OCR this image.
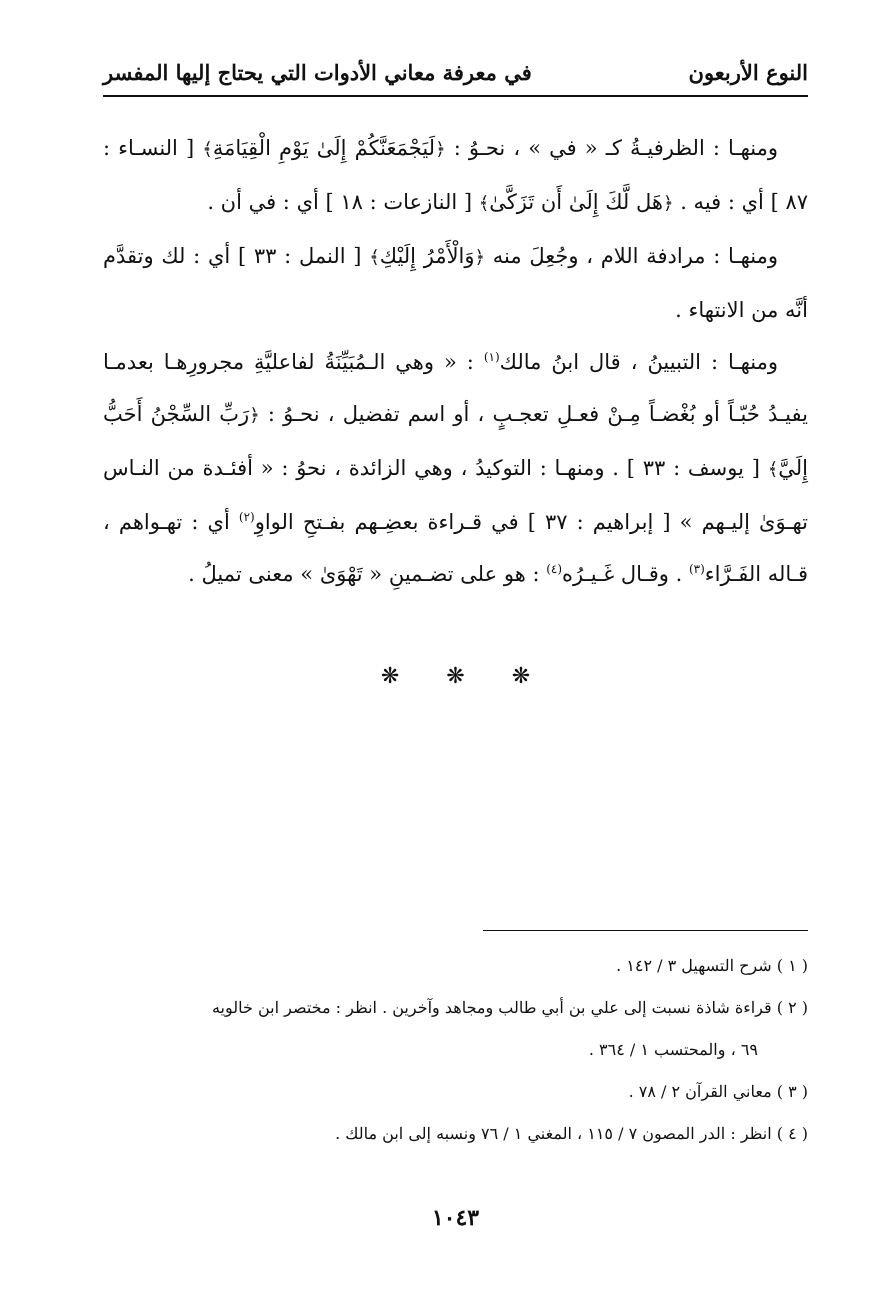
النوع الأربعون
في معرفة معاني الأدوات التي يحتاج إليها المفسر

ومنهـا : الظرفيـةُ كـ « في » ، نحـوُ : ﴿لَيَجْمَعَنَّكُمْ إِلَىٰ يَوْمِ الْقِيَامَةِ﴾ [ النسـاء : ٨٧ ] أي : فيه . ﴿هَل لَّكَ إِلَىٰ أَن تَزَكَّىٰ﴾ [ النازعات : ١٨ ] أي : في أن .

ومنهـا : مرادفة اللام ، وجُعِلَ منه ﴿وَالْأَمْرُ إِلَيْكِ﴾ [ النمل : ٣٣ ] أي : لك وتقدَّم أنَّه من الانتهاء .

ومنهـا : التبيينُ ، قال ابنُ مالك$^{(١)}$ : « وهي الـمُبَيِّنَةُ لفاعليَّةِ مجرورِهـا بعدمـا يفيـدُ حُبّـاً أو بُغْضـاً مِـنْ فعـلِ تعجـبٍ ، أو اسم تفضيل ، نحـوُ : ﴿رَبِّ السِّجْنُ أَحَبُّ إِلَيَّ﴾ [ يوسف : ٣٣ ] . ومنهـا : التوكيدُ ، وهي الزائدة ، نحوُ : « أفئـدة من النـاس تهـوَىٰ إليـهم » [ إبراهيم : ٣٧ ] في قـراءة بعضِـهم بفـتحِ الواوِ$^{(٢)}$ أي : تهـواهم ، قـاله الفَـرَّاء$^{(٣)}$ . وقـال غَـيـرُه$^{(٤)}$ : هو على تضـمينِ « تَهْوَىٰ » معنى تميلُ .

❋ ❋ ❋

( ١ ) شرح التسهيل ٣ / ١٤٢ .

( ٢ ) قراءة شاذة نسبت إلى علي بن أبي طالب ومجاهد وآخرين . انظر : مختصر ابن خالويه

٦٩ ، والمحتسب ١ / ٣٦٤ .

( ٣ ) معاني القرآن ٢ / ٧٨ .

( ٤ ) انظر : الدر المصون ٧ / ١١٥ ، المغني ١ / ٧٦ ونسبه إلى ابن مالك .

١٠٤٣
